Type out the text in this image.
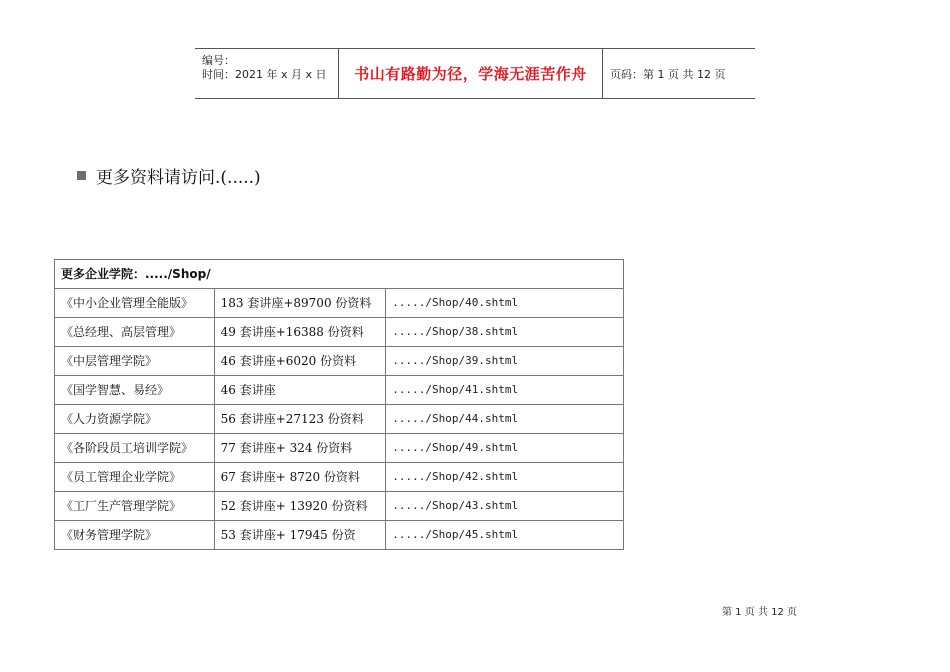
编号：
时间：2021 年 x 月 x 日 书山有路勤为径，学海无涯苦作舟 页码：第 1 页 共 12 页
更多资料请访问.(.....)
更多企业学院：...../Shop/		
《中小企业管理全能版》	183 套讲座+89700 份资料	...../Shop/40.shtml
《总经理、高层管理》	49 套讲座+16388 份资料	...../Shop/38.shtml
《中层管理学院》	46 套讲座+6020 份资料	...../Shop/39.shtml
《国学智慧、易经》	46 套讲座	...../Shop/41.shtml
《人力资源学院》	56 套讲座+27123 份资料	...../Shop/44.shtml
《各阶段员工培训学院》	77 套讲座+ 324 份资料	...../Shop/49.shtml
《员工管理企业学院》	67 套讲座+ 8720 份资料	...../Shop/42.shtml
《工厂生产管理学院》	52 套讲座+ 13920 份资料	...../Shop/43.shtml
《财务管理学院》	53 套讲座+ 17945 份资	...../Shop/45.shtml
第 1 页 共 12 页
